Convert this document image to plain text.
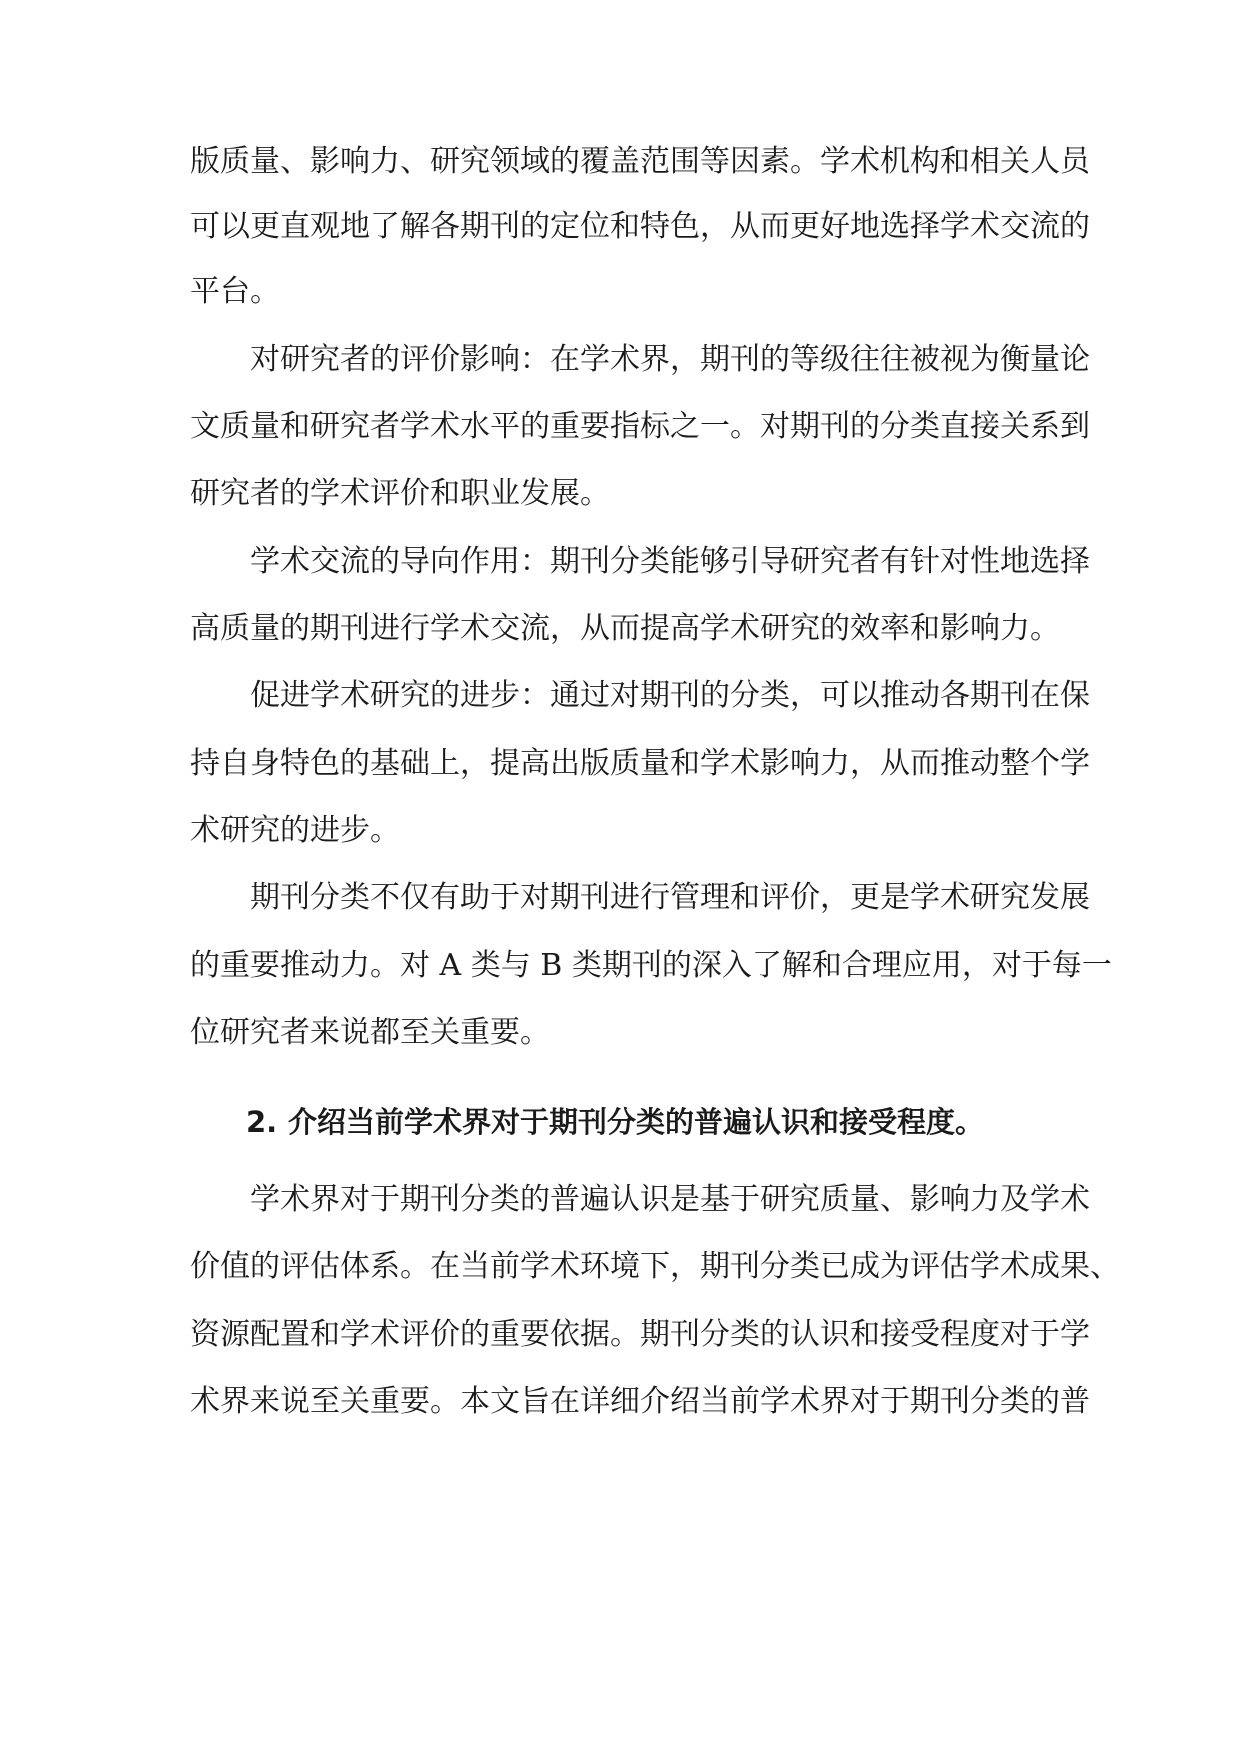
版质量、影响力、研究领域的覆盖范围等因素。学术机构和相关人员
可以更直观地了解各期刊的定位和特色，从而更好地选择学术交流的
平台。
对研究者的评价影响：在学术界，期刊的等级往往被视为衡量论
文质量和研究者学术水平的重要指标之一。对期刊的分类直接关系到
研究者的学术评价和职业发展。
学术交流的导向作用：期刊分类能够引导研究者有针对性地选择
高质量的期刊进行学术交流，从而提高学术研究的效率和影响力。
促进学术研究的进步：通过对期刊的分类，可以推动各期刊在保
持自身特色的基础上，提高出版质量和学术影响力，从而推动整个学
术研究的进步。
期刊分类不仅有助于对期刊进行管理和评价，更是学术研究发展
的重要推动力。对 A 类与 B 类期刊的深入了解和合理应用，对于每一
位研究者来说都至关重要。
2. 介绍当前学术界对于期刊分类的普遍认识和接受程度。
学术界对于期刊分类的普遍认识是基于研究质量、影响力及学术
价值的评估体系。在当前学术环境下，期刊分类已成为评估学术成果、
资源配置和学术评价的重要依据。期刊分类的认识和接受程度对于学
术界来说至关重要。本文旨在详细介绍当前学术界对于期刊分类的普
